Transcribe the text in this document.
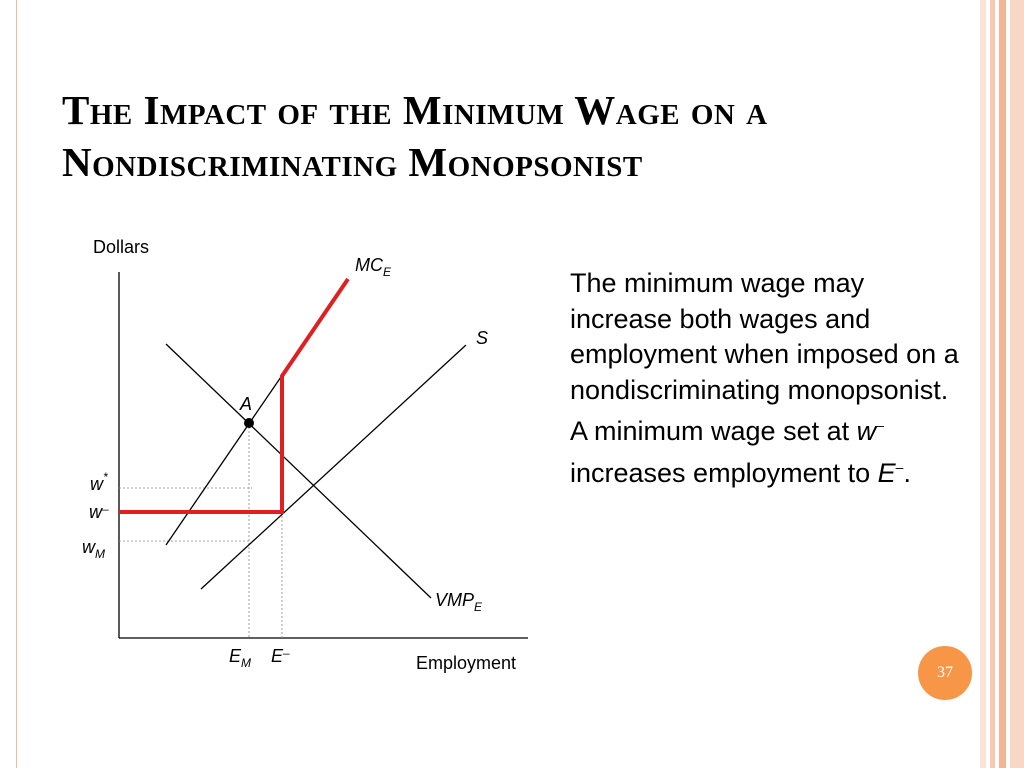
The Impact of the Minimum Wage on a
Nondiscriminating Monopsonist
Dollars
Employment
$MC_E$
S
$VMP_E$
A
w*
w–
$w_M$
$E_M$ E–
The minimum wage may increase both wages and employment when imposed on a nondiscriminating monopsonist. A minimum wage set at w– increases employment to E–.
37
